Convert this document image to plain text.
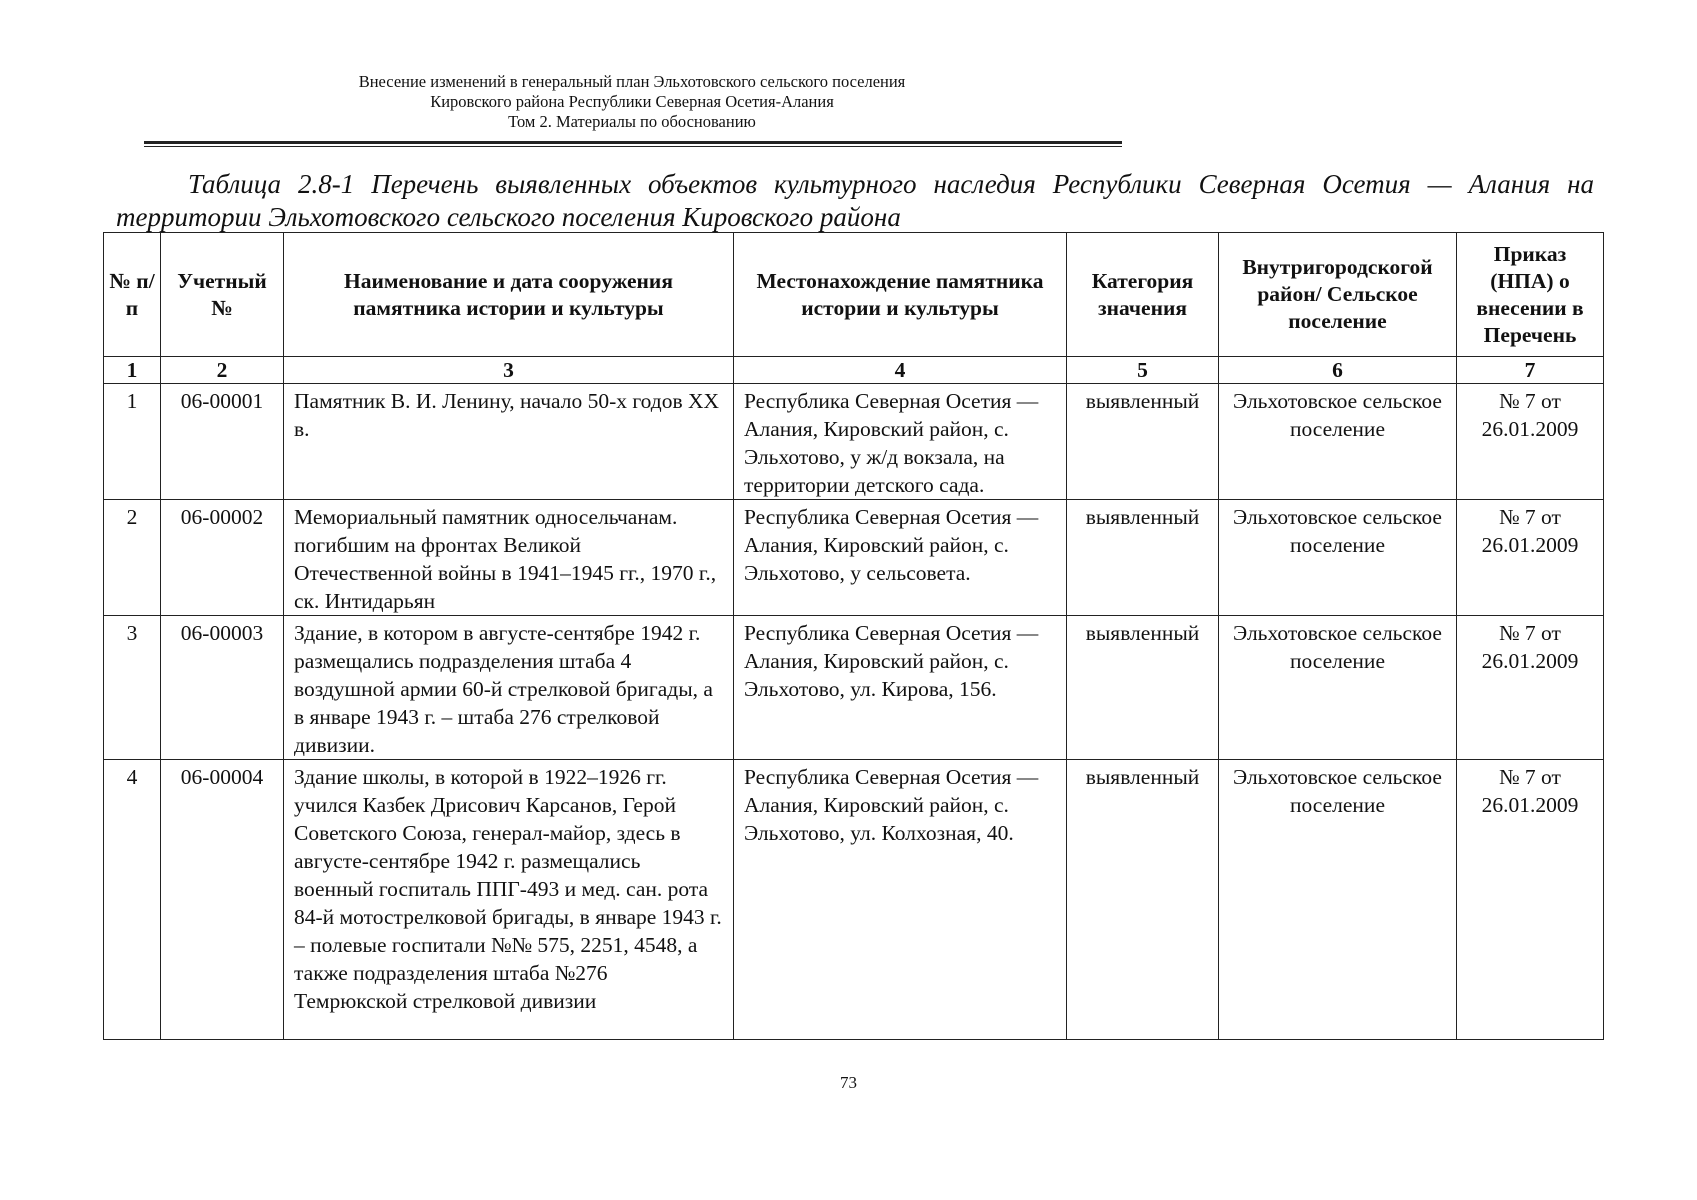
Внесение изменений в генеральный план Эльхотовского сельского поселения
Кировского района Республики Северная Осетия-Алания
Том 2. Материалы по обоснованию
Таблица 2.8-1 Перечень выявленных объектов культурного наследия Республики Северная Осетия — Алания на территории Эльхотовского сельского поселения Кировского района
№ п/п	Учетный №	Наименование и дата сооружения памятника истории и культуры	Местонахождение памятника истории и культуры	Категория значения	Внутригородскогой район/ Сельское поселение	Приказ (НПА) о внесении в Перечень
1	2	3	4	5	6	7
1	06-00001	Памятник В. И. Ленину, начало 50-х годов XX в.	Республика Северная Осетия — Алания, Кировский район, с. Эльхотово, у ж/д вокзала, на территории детского сада.	выявленный	Эльхотовское сельское поселение	№ 7 от 26.01.2009
2	06-00002	Мемориальный памятник односельчанам. погибшим на фронтах Великой Отечественной войны в 1941–1945 гг., 1970 г., ск. Интидарьян	Республика Северная Осетия — Алания, Кировский район, с. Эльхотово, у сельсовета.	выявленный	Эльхотовское сельское поселение	№ 7 от 26.01.2009
3	06-00003	Здание, в котором в августе-сентябре 1942 г. размещались подразделения штаба 4 воздушной армии 60-й стрелковой бригады, а в январе 1943 г. – штаба 276 стрелковой дивизии.	Республика Северная Осетия — Алания, Кировский район, с. Эльхотово, ул. Кирова, 156.	выявленный	Эльхотовское сельское поселение	№ 7 от 26.01.2009
4	06-00004	Здание школы, в которой в 1922–1926 гг. учился Казбек Дрисович Карсанов, Герой Советского Союза, генерал-майор, здесь в августе-сентябре 1942 г. размещались военный госпиталь ППГ-493 и мед. сан. рота 84-й мотострелковой бригады, в январе 1943 г. – полевые госпитали №№ 575, 2251, 4548, а также подразделения штаба №276 Темрюкской стрелковой дивизии	Республика Северная Осетия — Алания, Кировский район, с. Эльхотово, ул. Колхозная, 40.	выявленный	Эльхотовское сельское поселение	№ 7 от 26.01.2009
73
